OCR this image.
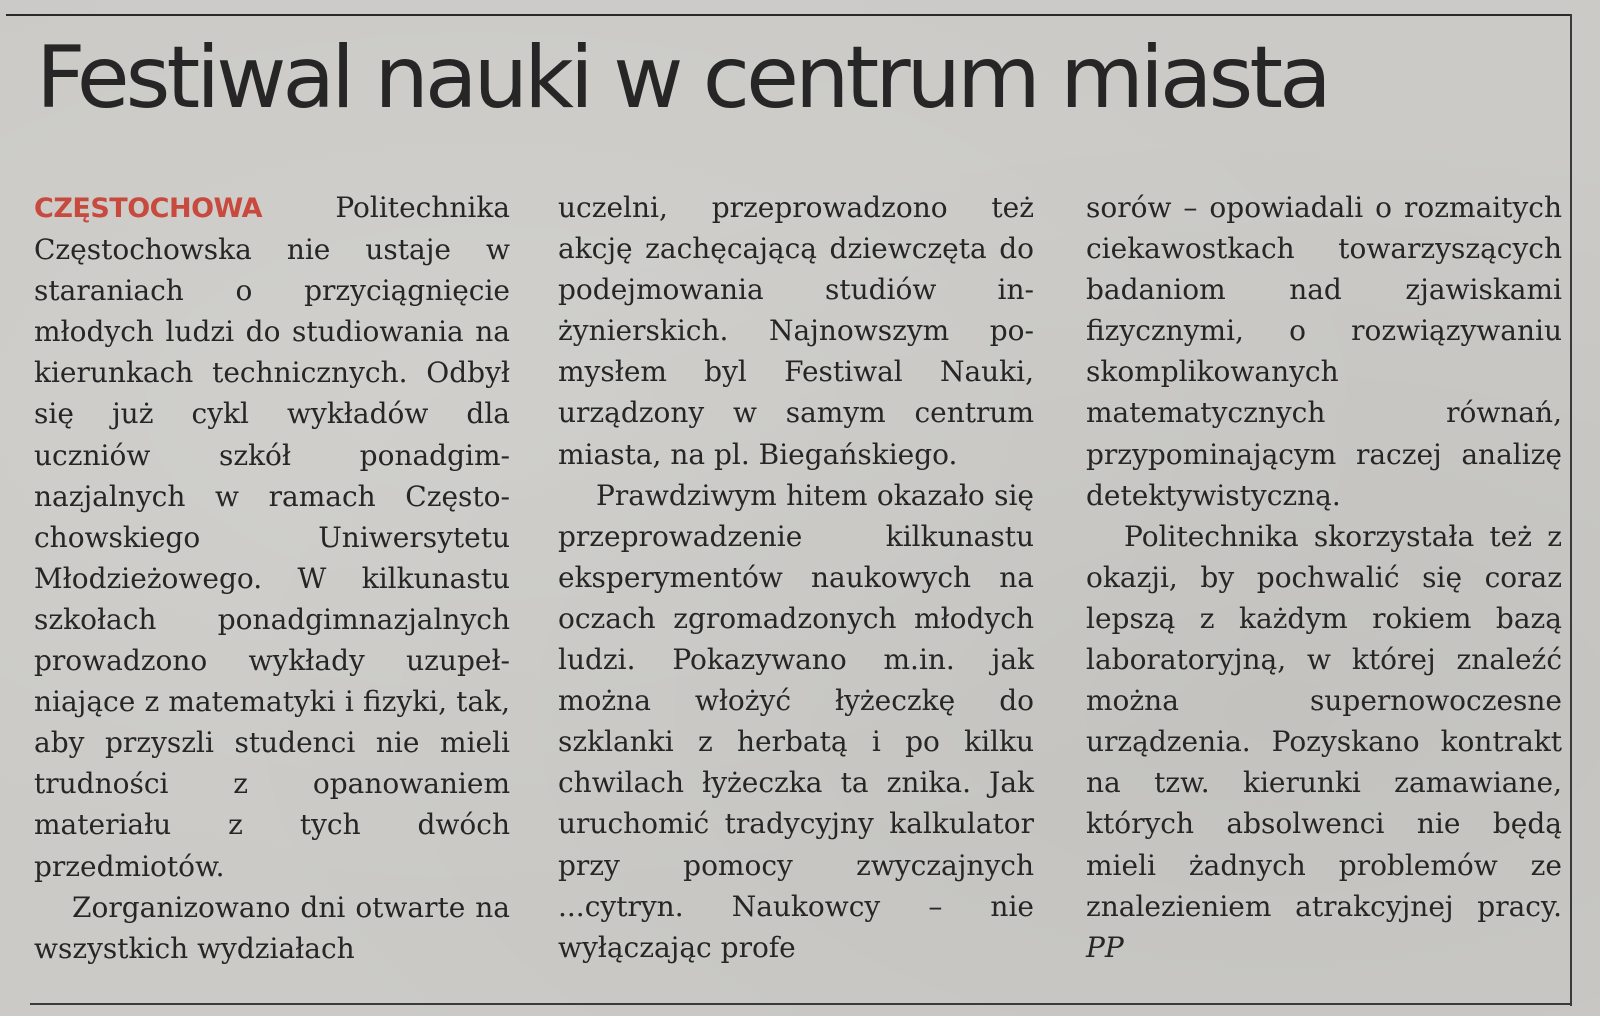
Festiwal nauki w centrum miasta

CZĘSTOCHOWA Politechnika Częstochowska nie ustaje w staraniach o przyciągnięcie młodych ludzi do studiowania na kierunkach technicznych. Odbył się już cykl wykładów dla uczniów szkół ponadgimnazjalnych w ramach Częstochowskiego Uniwersytetu Młodzieżowego. W kilkunastu szkołach ponadgimnazjalnych prowadzono wykłady uzupełniające z matematyki i fizyki, tak, aby przyszli studenci nie mieli trudności z opanowaniem materiału z tych dwóch przedmiotów.

Zorganizowano dni otwarte na wszystkich wydziałach

uczelni, przeprowadzono też akcję zachęcającą dziewczęta do podejmowania studiów inżynierskich. Najnowszym pomysłem byl Festiwal Nauki, urządzony w samym centrum miasta, na pl. Biegańskiego.

Prawdziwym hitem okazało się przeprowadzenie kilkunastu eksperymentów naukowych na oczach zgromadzonych młodych ludzi. Pokazywano m.in. jak można włożyć łyżeczkę do szklanki z herbatą i po kilku chwilach łyżeczka ta znika. Jak uruchomić tradycyjny kalkulator przy pomocy zwyczajnych ...cytryn. Naukowcy – nie wyłączając profe

sorów – opowiadali o rozmaitych ciekawostkach towarzyszących badaniom nad zjawiskami fizycznymi, o rozwiązywaniu skomplikowanych matematycznych równań, przypominającym raczej analizę detektywistyczną.

Politechnika skorzystała też z okazji, by pochwalić się coraz lepszą z każdym rokiem bazą laboratoryjną, w której znaleźć można supernowoczesne urządzenia. Pozyskano kontrakt na tzw. kierunki zamawiane, których absolwenci nie będą mieli żadnych problemów ze znalezieniem atrakcyjnej pracy. PP
